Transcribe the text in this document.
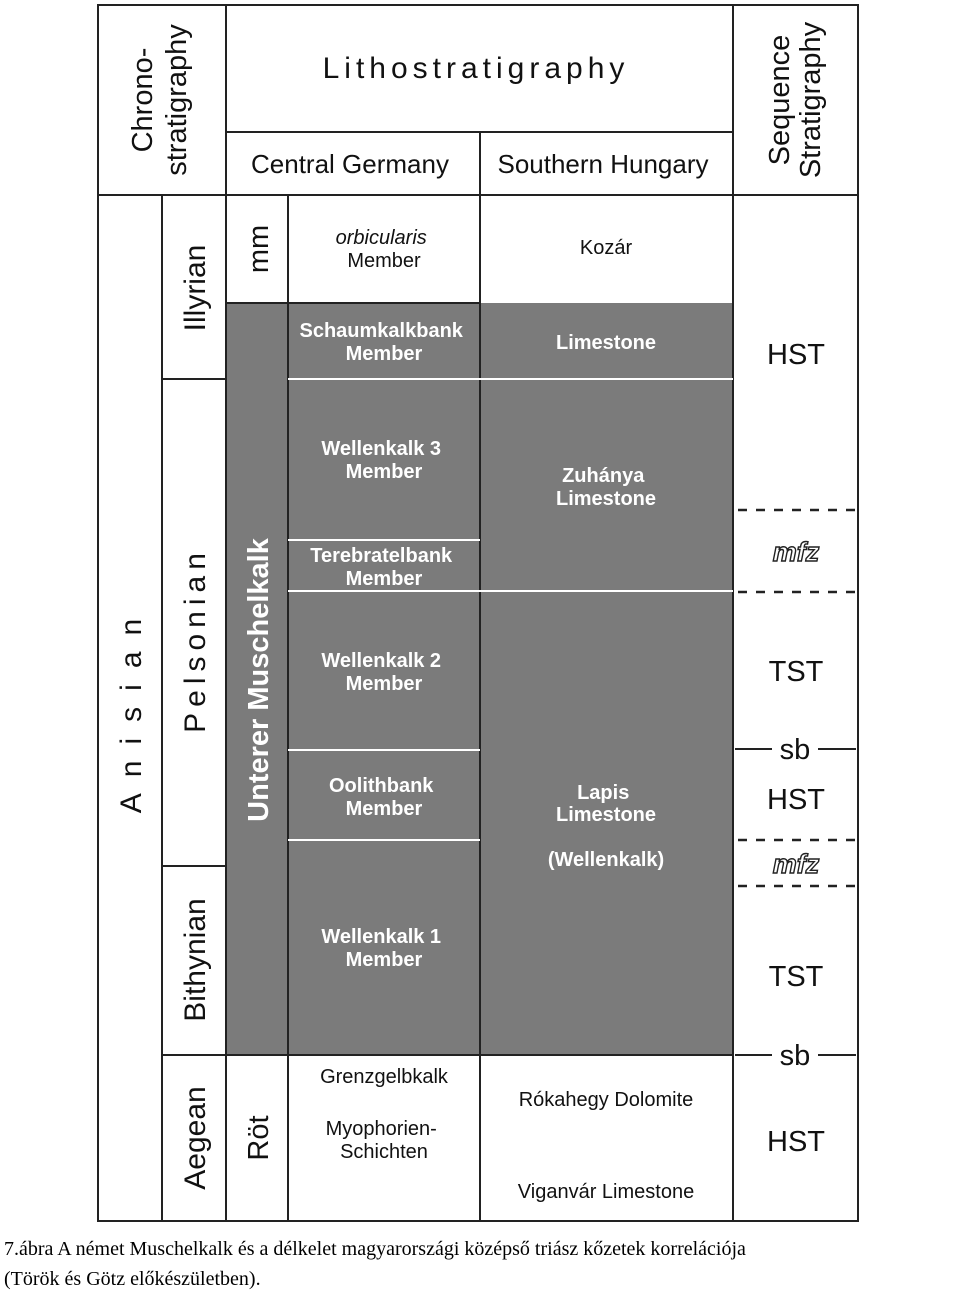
Chrono- stratigraphy	Lithostratigraphy
Central Germany Southern Hungary Sequence Stratigraphy
Anisian
Illyrian
Pelsonian
Bithynian
Aegean
mm
Unterer Muschelkalk
Röt
orbicularis Member
Schaumkalkbank Member
Wellenkalk 3 Member
Terebratelbank Member
Wellenkalk 2 Member
Oolithbank Member
Wellenkalk 1 Member
Grenzgelbkalk
Myophorien- Schichten
Kozár
Limestone
Zuhánya Limestone
Lapis Limestone
(Wellenkalk)
Rókahegy Dolomite
Viganvár Limestone
HST
mfz
TST
sb
HST
mfz
TST
sb
HST
7.ábra A német Muschelkalk és a délkelet magyarországi középső triász kőzetek korrelációja
(Török és Götz előkészületben).
